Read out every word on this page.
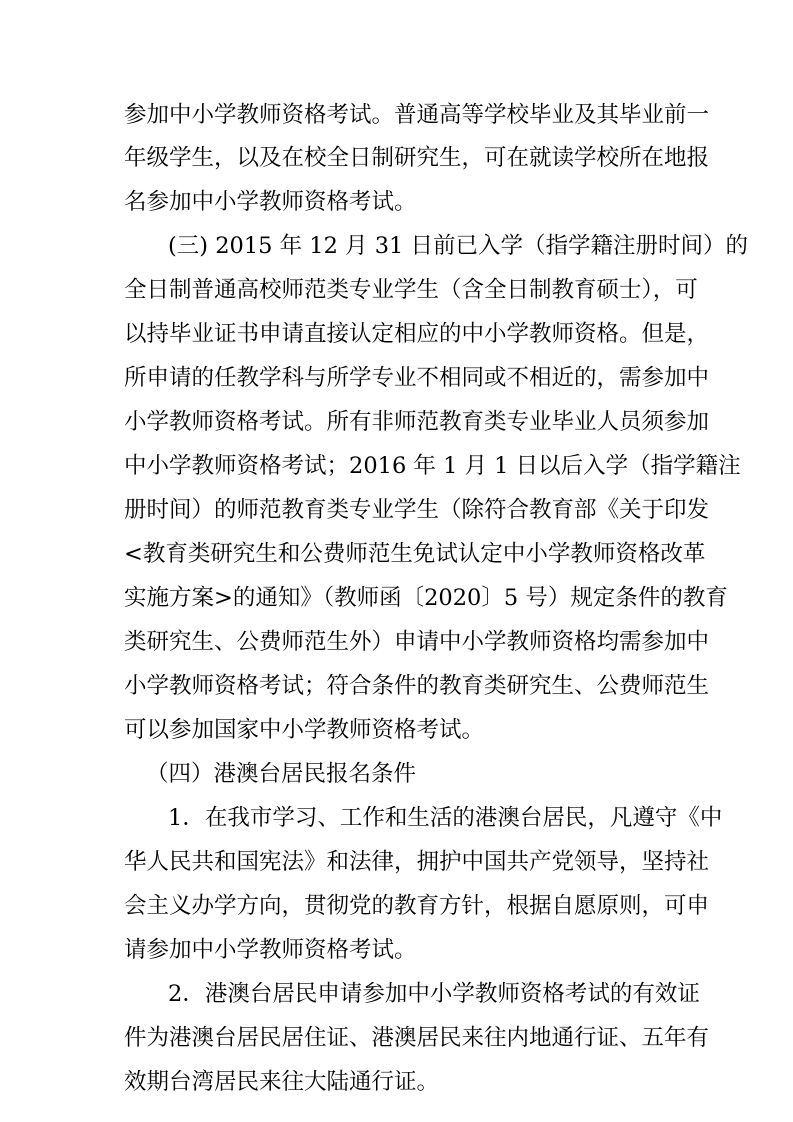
参加中小学教师资格考试。普通高等学校毕业及其毕业前一
年级学生，以及在校全日制研究生，可在就读学校所在地报
名参加中小学教师资格考试。
(三) 2015 年 12 月 31 日前已入学（指学籍注册时间）的
全日制普通高校师范类专业学生（含全日制教育硕士），可
以持毕业证书申请直接认定相应的中小学教师资格。但是，
所申请的任教学科与所学专业不相同或不相近的，需参加中
小学教师资格考试。所有非师范教育类专业毕业人员须参加
中小学教师资格考试；2016 年 1 月 1 日以后入学（指学籍注
册时间）的师范教育类专业学生（除符合教育部《关于印发
<教育类研究生和公费师范生免试认定中小学教师资格改革
实施方案>的通知》（教师函〔2020〕5 号）规定条件的教育
类研究生、公费师范生外）申请中小学教师资格均需参加中
小学教师资格考试；符合条件的教育类研究生、公费师范生
可以参加国家中小学教师资格考试。
（四）港澳台居民报名条件
1．在我市学习、工作和生活的港澳台居民，凡遵守《中
华人民共和国宪法》和法律，拥护中国共产党领导，坚持社
会主义办学方向，贯彻党的教育方针，根据自愿原则，可申
请参加中小学教师资格考试。
2．港澳台居民申请参加中小学教师资格考试的有效证
件为港澳台居民居住证、港澳居民来往内地通行证、五年有
效期台湾居民来往大陆通行证。
